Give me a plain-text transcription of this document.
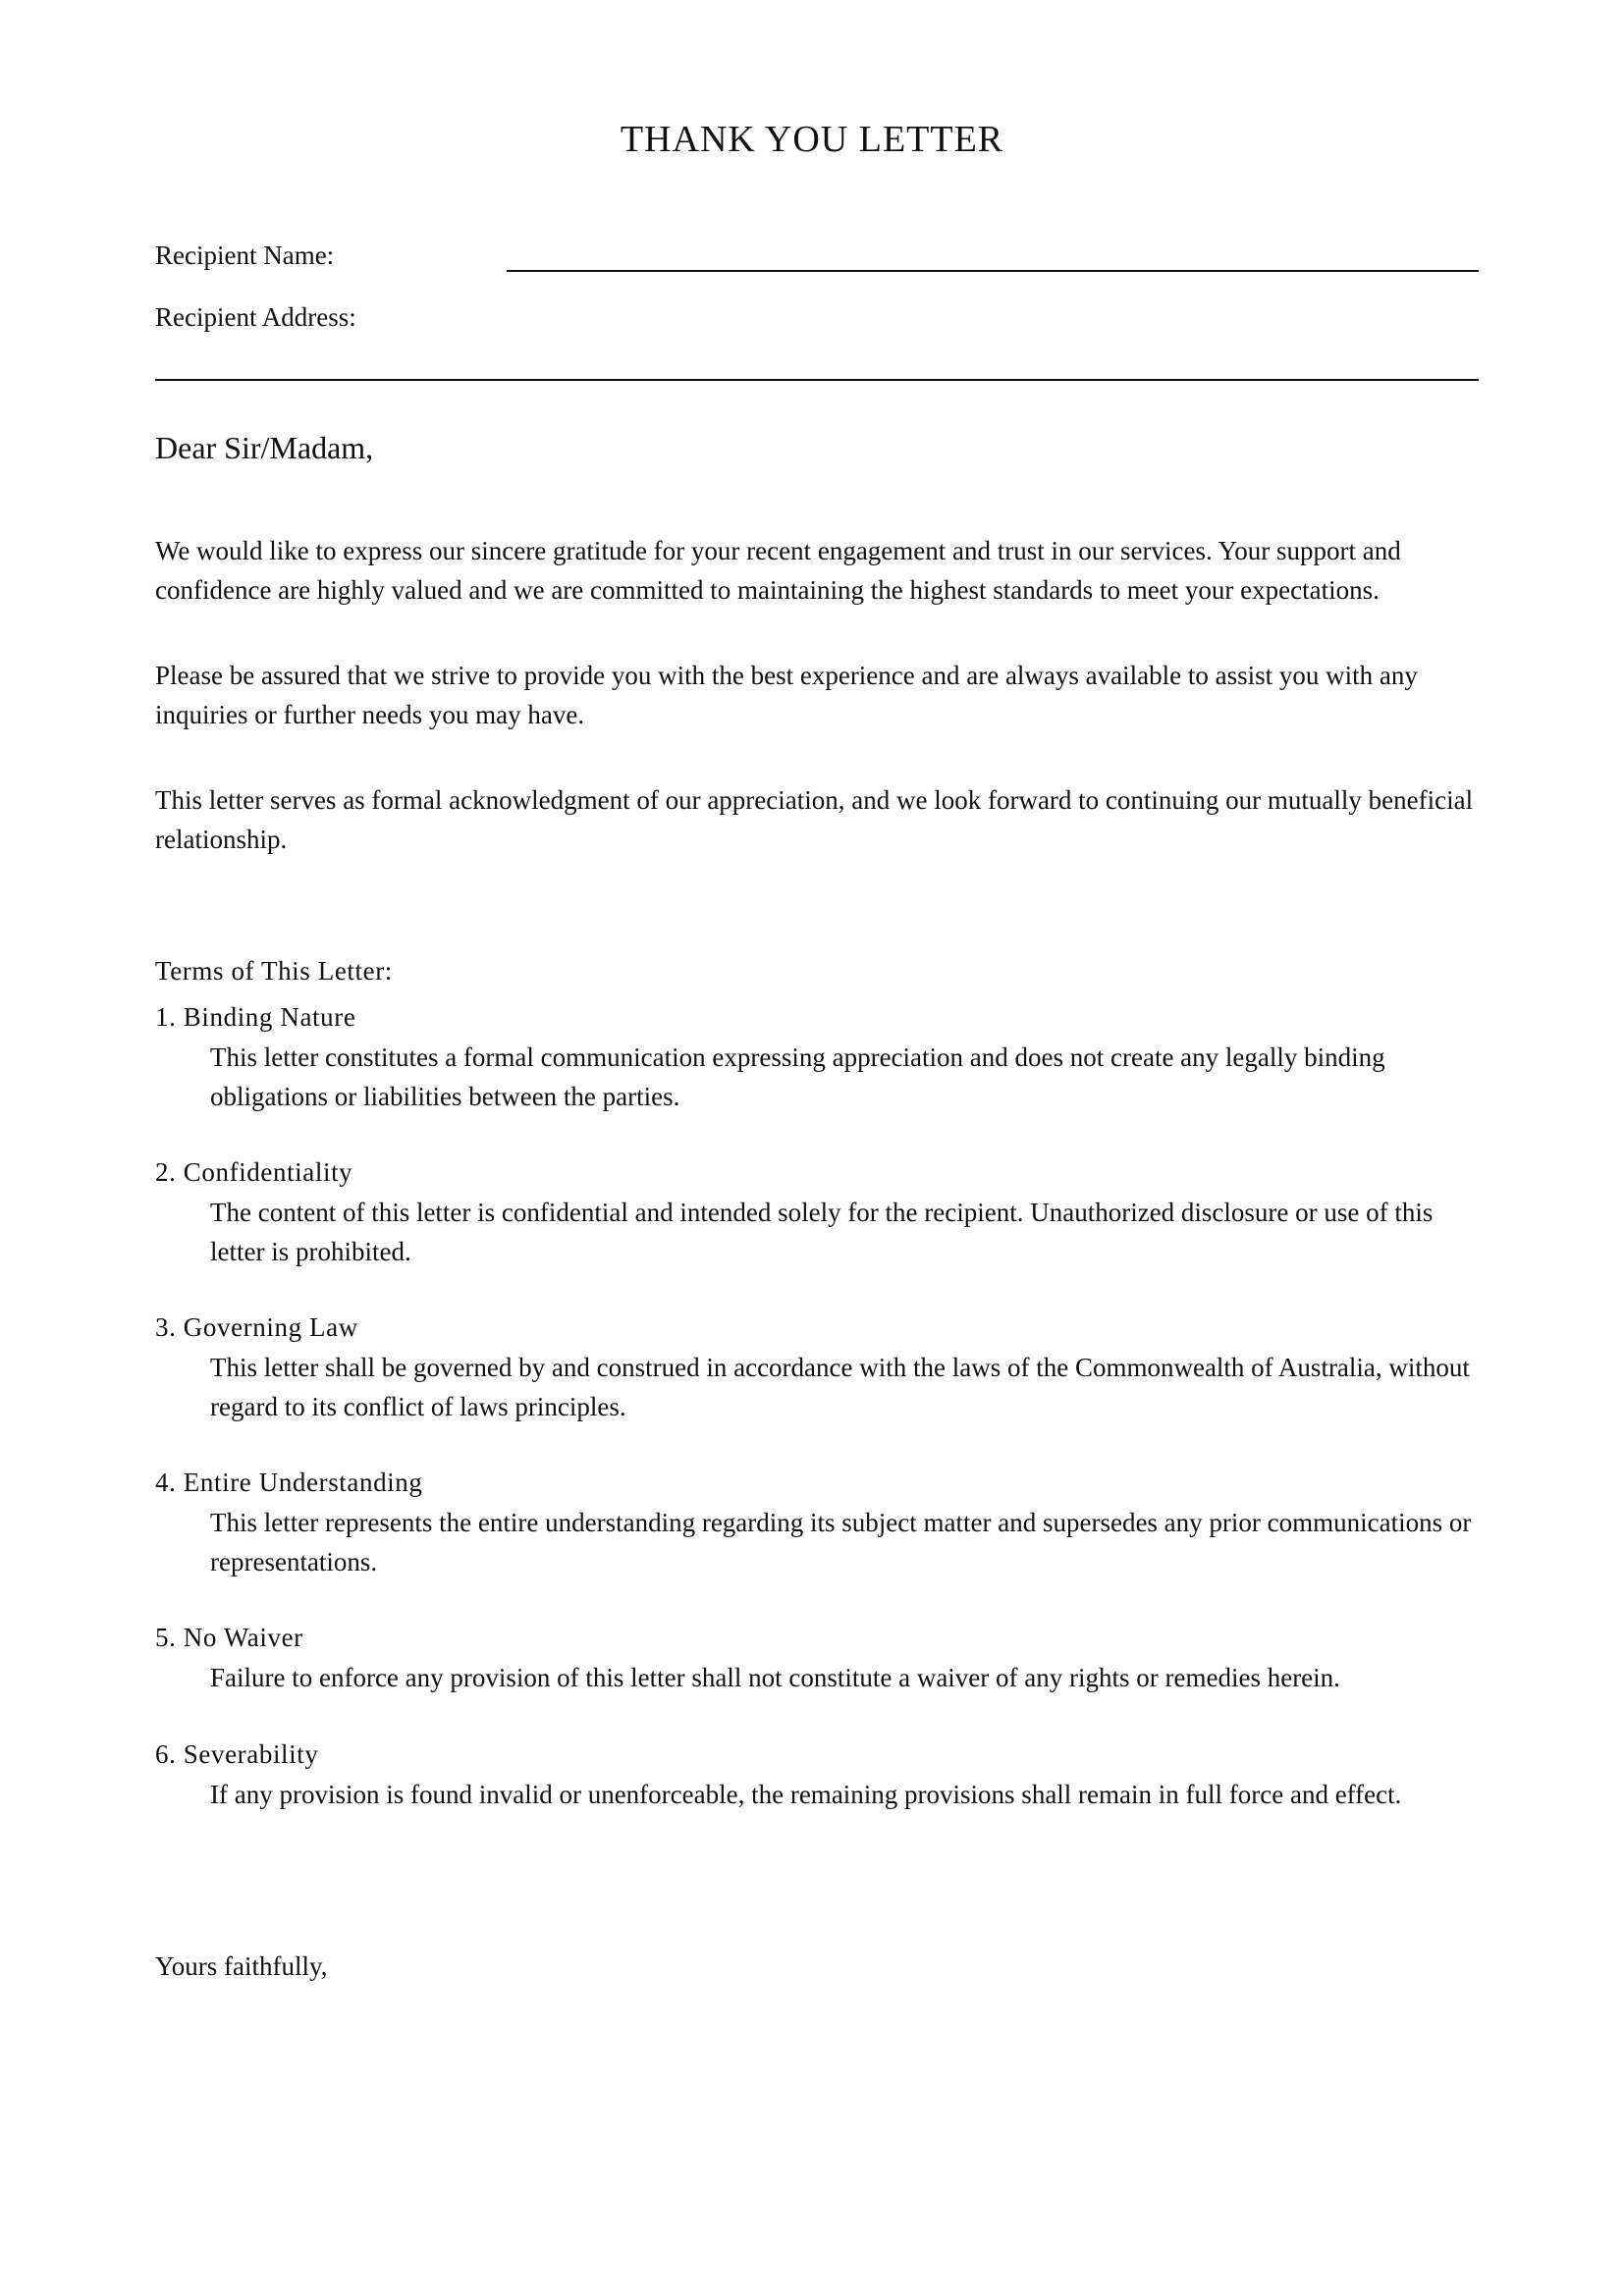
THANK YOU LETTER
Recipient Name:
Recipient Address:
Dear Sir/Madam,

We would like to express our sincere gratitude for your recent engagement and trust in our services. Your support and confidence are highly valued and we are committed to maintaining the highest standards to meet your expectations.

Please be assured that we strive to provide you with the best experience and are always available to assist you with any inquiries or further needs you may have.

This letter serves as formal acknowledgment of our appreciation, and we look forward to continuing our mutually beneficial relationship.

Terms of This Letter:
1. Binding Nature
This letter constitutes a formal communication expressing appreciation and does not create any legally binding obligations or liabilities between the parties.
2. Confidentiality
The content of this letter is confidential and intended solely for the recipient. Unauthorized disclosure or use of this letter is prohibited.
3. Governing Law
This letter shall be governed by and construed in accordance with the laws of the Commonwealth of Australia, without regard to its conflict of laws principles.
4. Entire Understanding
This letter represents the entire understanding regarding its subject matter and supersedes any prior communications or representations.
5. No Waiver
Failure to enforce any provision of this letter shall not constitute a waiver of any rights or remedies herein.
6. Severability
If any provision is found invalid or unenforceable, the remaining provisions shall remain in full force and effect.
Yours faithfully,
